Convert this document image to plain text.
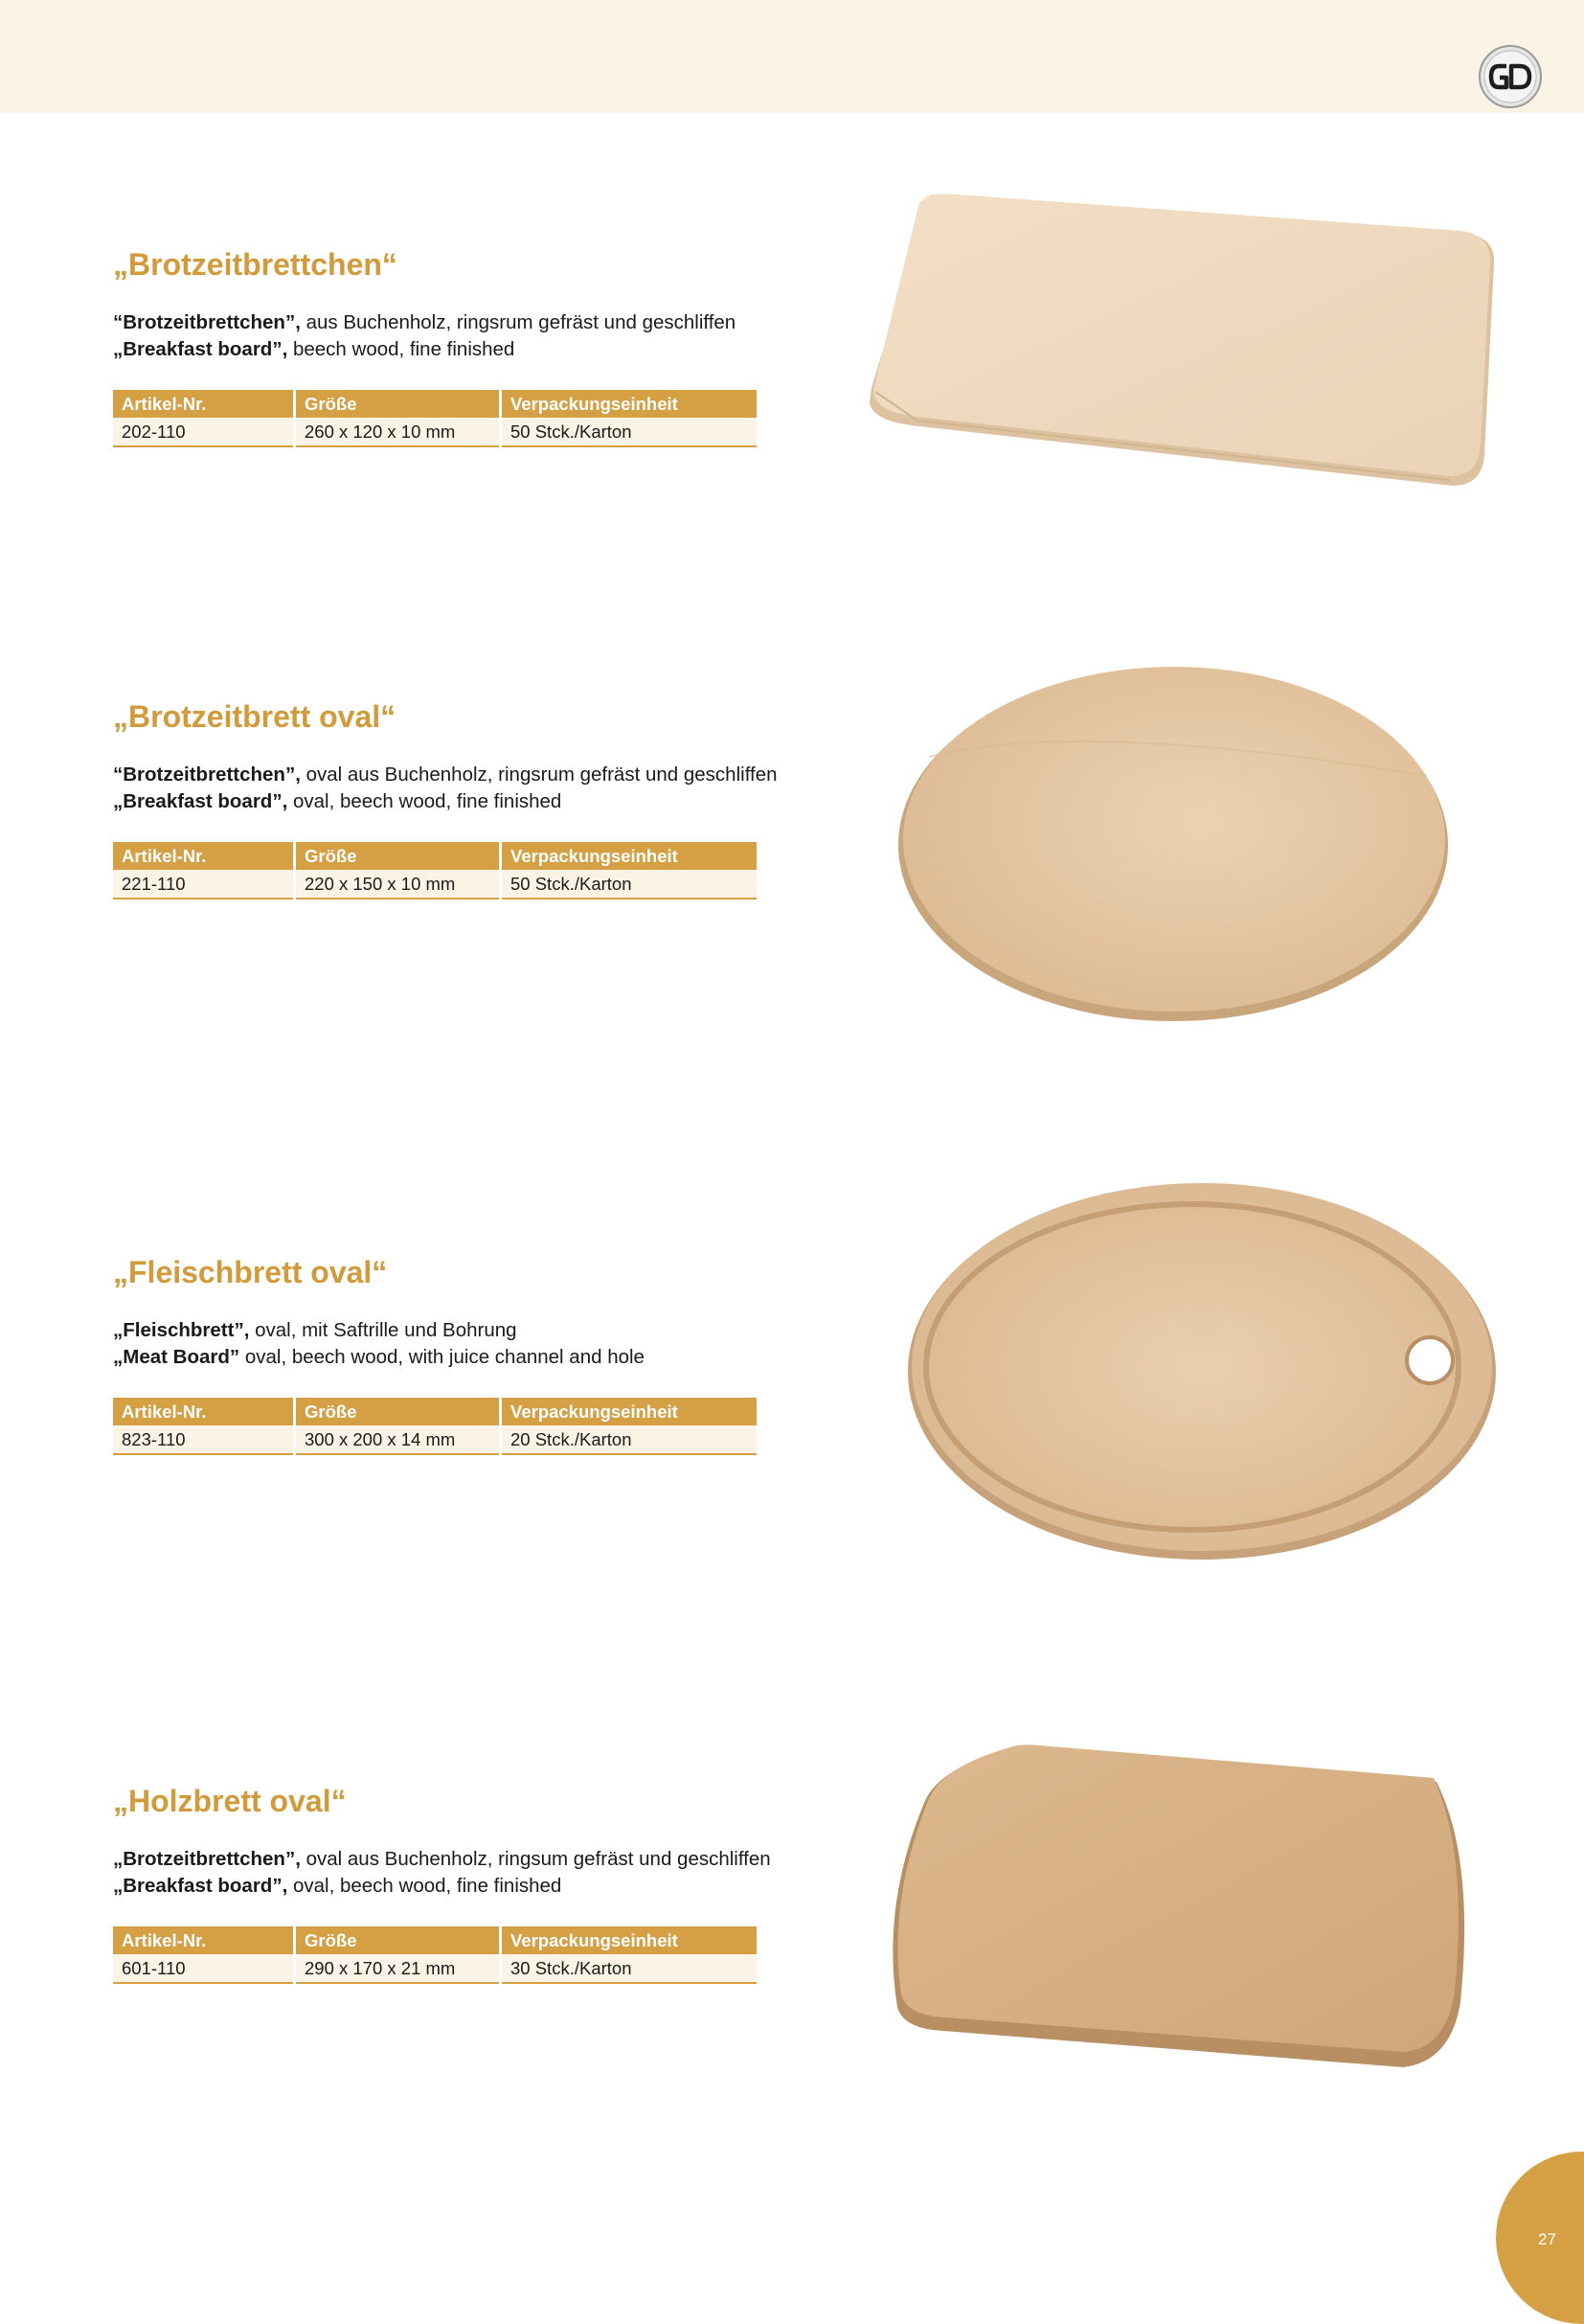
„Brotzeitbrettchen“
“Brotzeitbrettchen”, aus Buchenholz, ringsrum gefräst und geschliffen
„Breakfast board”, beech wood, fine finished
Artikel-Nr.	Größe	Verpackungseinheit
202-110	260 x 120 x 10 mm	50 Stck./Karton
„Brotzeitbrett oval“
“Brotzeitbrettchen”, oval aus Buchenholz, ringsrum gefräst und geschliffen
„Breakfast board”, oval, beech wood, fine finished
Artikel-Nr.	Größe	Verpackungseinheit
221-110	220 x 150 x 10 mm	50 Stck./Karton
„Fleischbrett oval“
„Fleischbrett”, oval, mit Saftrille und Bohrung
„Meat Board” oval, beech wood, with juice channel and hole
Artikel-Nr.	Größe	Verpackungseinheit
823-110	300 x 200 x 14 mm	20 Stck./Karton
„Holzbrett oval“
„Brotzeitbrettchen”, oval aus Buchenholz, ringsum gefräst und geschliffen
„Breakfast board”, oval, beech wood, fine finished
Artikel-Nr.	Größe	Verpackungseinheit
601-110	290 x 170 x 21 mm	30 Stck./Karton
27
